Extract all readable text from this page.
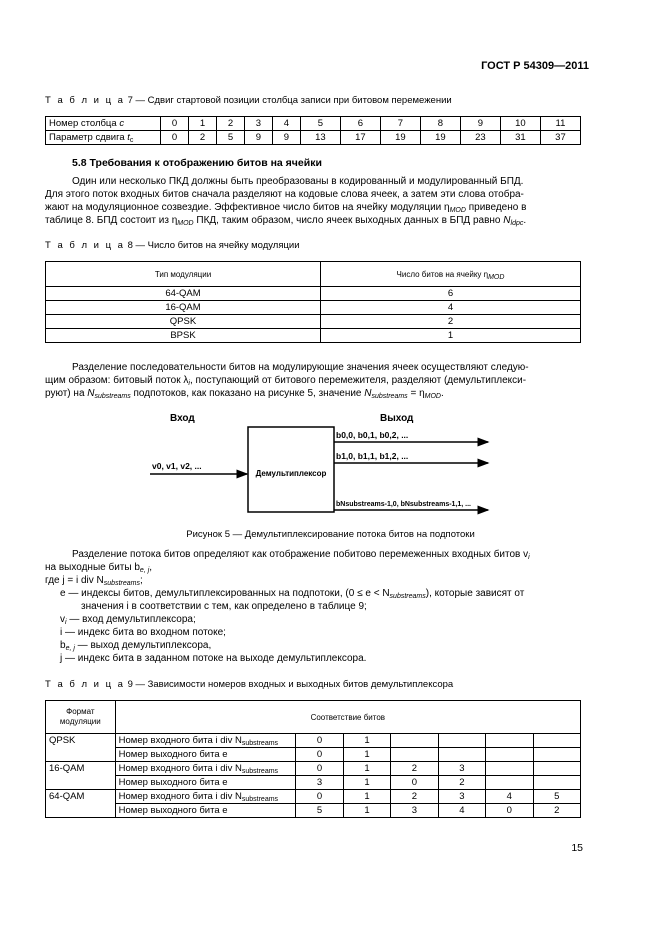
ГОСТ Р 54309—2011
Т а б л и ц а 7 — Сдвиг стартовой позиции столбца записи при битовом перемежении
Номер столбца c	0	1	2	3	4	5	6	7	8	9	10	11
Параметр сдвига $t_c$	0	2	5	9	9	13	17	19	19	23	31	37
5.8 Требования к отображению битов на ячейки
Один или несколько ПКД должны быть преобразованы в кодированный и модулированный БПД.
Для этого поток входных битов сначала разделяют на кодовые слова ячеек, а затем эти слова отобра-
жают на модуляционное созвездие. Эффективное число битов на ячейку модуляции $\eta_{MOD}$ приведено в
таблице 8. БПД состоит из $\eta_{MOD}$ ПКД, таким образом, число ячеек выходных данных в БПД равно $N_{ldpc}$.
Т а б л и ц а 8 — Число битов на ячейку модуляции
Тип модуляции	Число битов на ячейку $\eta_{MOD}$
64-QAM	6
16-QAM	4
QPSK	2
BPSK	1
Разделение последовательности битов на модулирующие значения ячеек осуществляют следую-
щим образом: битовый поток $\lambda_i$, поступающий от битового перемежителя, разделяют (демультиплекси-
руют) на $N_{substreams}$ подпотоков, как показано на рисунке 5, значение $N_{substreams} = \eta_{MOD}$.
Вход	Выход
Демультиплексор
v0, v1, v2, ...
b0,0, b0,1, b0,2, ...
b1,0, b1,1, b1,2, ...
bNsubstreams-1,0, bNsubstreams-1,1, ...
Рисунок 5 — Демультиплексирование потока битов на подпотоки
Разделение потока битов определяют как отображение побитово перемеженных входных битов $v_i$
на выходные биты $b_{e, j}$,
где j = i div $N_{substreams}$;
e — индексы битов, демультиплексированных на подпотоки, $(0 \le e < N_{substreams})$, которые зависят от
значения i в соответствии с тем, как определено в таблице 9;
$v_i$ — вход демультиплексора;
i — индекс бита во входном потоке;
$b_{e, j}$ — выход демультиплексора,
j — индекс бита в заданном потоке на выходе демультиплексора.
Т а б л и ц а 9 — Зависимости номеров входных и выходных битов демультиплексора
Формат модуляции	Соответствие битов						
QPSK	Номер входного бита i div $N_{substreams}$	0	1				
	Номер выходного бита e	0	1				
16-QAM	Номер входного бита i div $N_{substreams}$	0	1	2	3		
	Номер выходного бита e	3	1	0	2		
64-QAM	Номер входного бита i div $N_{substreams}$	0	1	2	3	4	5
	Номер выходного бита e	5	1	3	4	0	2
15
